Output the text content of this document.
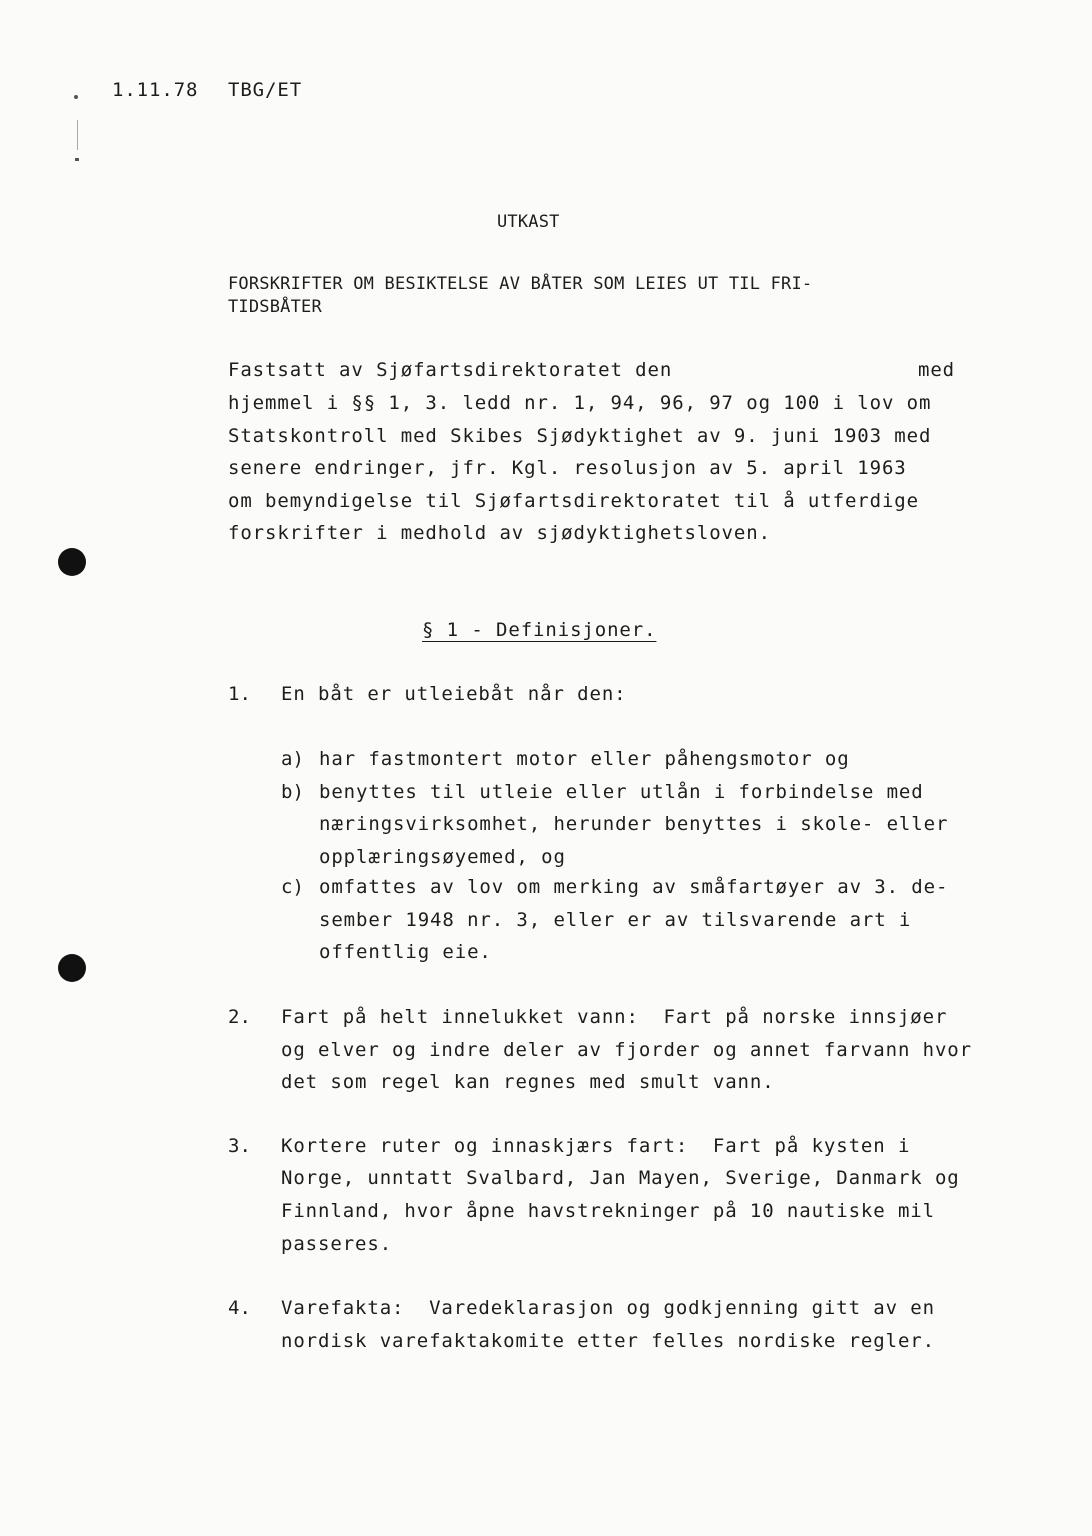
1.11.78 TBG/ET
UTKAST
FORSKRIFTER OM BESIKTELSE AV BÅTER SOM LEIES UT TIL FRI-
TIDSBÅTER
Fastsatt av Sjøfartsdirektoratet den	med
hjemmel i §§ 1, 3. ledd nr. 1, 94, 96, 97 og 100 i lov om
Statskontroll med Skibes Sjødyktighet av 9. juni 1903 med
senere endringer, jfr. Kgl. resolusjon av 5. april 1963
om bemyndigelse til Sjøfartsdirektoratet til å utferdige
forskrifter i medhold av sjødyktighetsloven.
§ 1 - Definisjoner.
1. En båt er utleiebåt når den:
a) har fastmontert motor eller påhengsmotor og
b) benyttes til utleie eller utlån i forbindelse med
næringsvirksomhet, herunder benyttes i skole- eller
opplæringsøyemed, og
c) omfattes av lov om merking av småfartøyer av 3. de-
sember 1948 nr. 3, eller er av tilsvarende art i
offentlig eie.
2. Fart på helt innelukket vann:  Fart på norske innsjøer
og elver og indre deler av fjorder og annet farvann hvor
det som regel kan regnes med smult vann.
3. Kortere ruter og innaskjærs fart:  Fart på kysten i
Norge, unntatt Svalbard, Jan Mayen, Sverige, Danmark og
Finnland, hvor åpne havstrekninger på 10 nautiske mil
passeres.
4. Varefakta:  Varedeklarasjon og godkjenning gitt av en
nordisk varefaktakomite etter felles nordiske regler.
